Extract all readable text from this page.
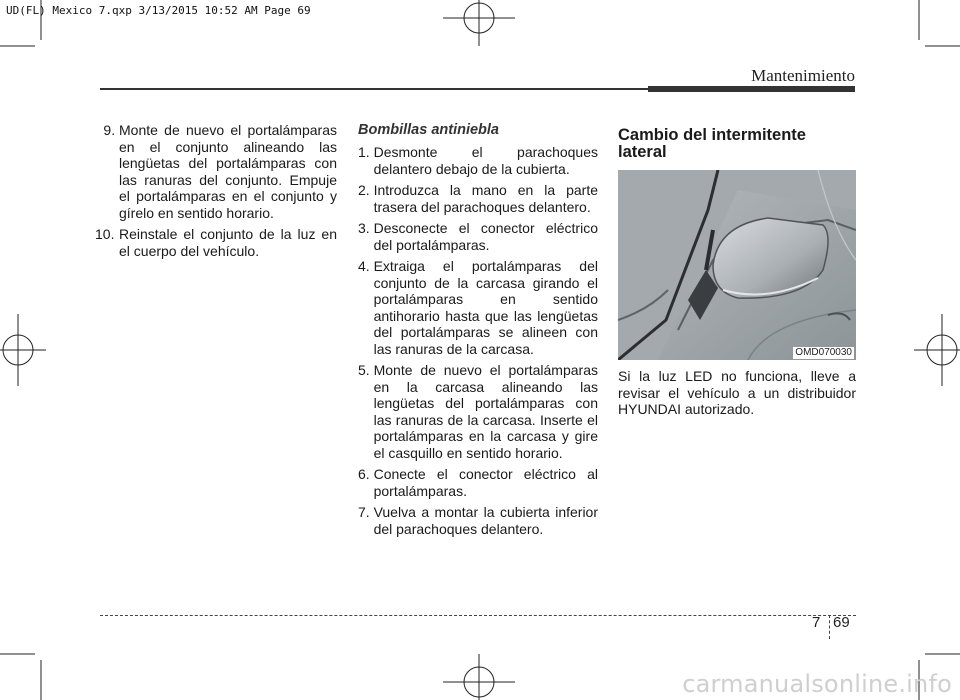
UD(FL) Mexico 7.qxp 3/13/2015 10:52 AM Page 69
Mantenimiento
9. Monte de nuevo el portalámparas en el conjunto alineando las lengüetas del portalámparas con las ranuras del conjunto. Empuje el portalámparas en el conjunto y gírelo en sentido horario.
10. Reinstale el conjunto de la luz en el cuerpo del vehículo.
Bombillas antiniebla
1. Desmonte el parachoques delantero debajo de la cubierta.
2. Introduzca la mano en la parte trasera del parachoques delantero.
3. Desconecte el conector eléctrico del portalámparas.
4. Extraiga el portalámparas del conjunto de la carcasa girando el portalámparas en sentido antihorario hasta que las lengüetas del portalámparas se alineen con las ranuras de la carcasa.
5. Monte de nuevo el portalámparas en la carcasa alineando las lengüetas del portalámparas con las ranuras de la carcasa. Inserte el portalámparas en la carcasa y gire el casquillo en sentido horario.
6. Conecte el conector eléctrico al portalámparas.
7. Vuelva a montar la cubierta inferior del parachoques delantero.
Cambio del intermitente lateral
OMD070030
Si la luz LED no funciona, lleve a revisar el vehículo a un distribuidor HYUNDAI autorizado.
7 69
carmanualsonline.info
